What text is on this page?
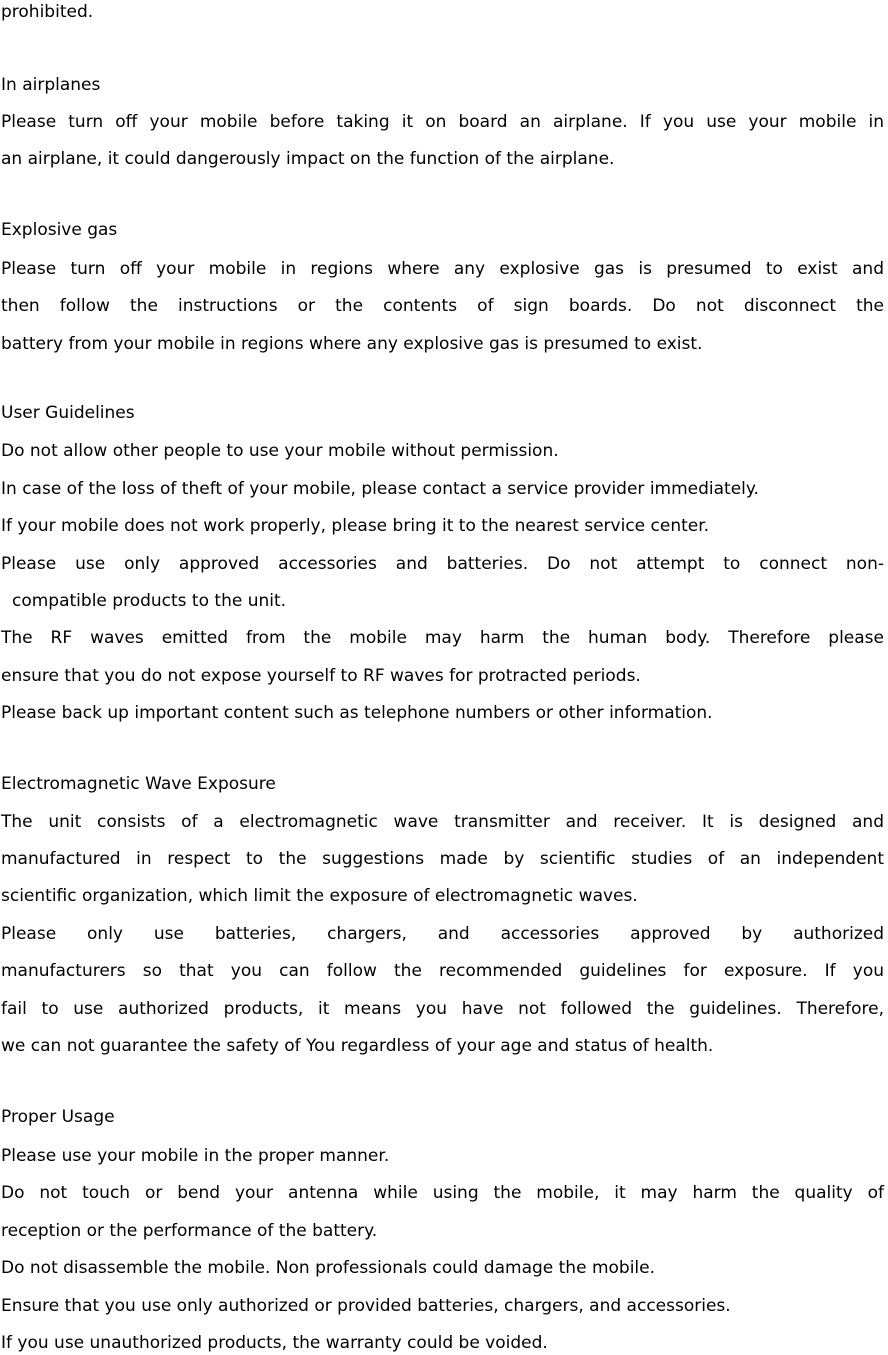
prohibited.
In airplanes
Please turn off your mobile before taking it on board an airplane. If you use your mobile in
an airplane, it could dangerously impact on the function of the airplane.
Explosive gas
Please turn off your mobile in regions where any explosive gas is presumed to exist and
then follow the instructions or the contents of sign boards. Do not disconnect the
battery from your mobile in regions where any explosive gas is presumed to exist.
User Guidelines
Do not allow other people to use your mobile without permission.
In case of the loss of theft of your mobile, please contact a service provider immediately.
If your mobile does not work properly, please bring it to the nearest service center.
Please use only approved accessories and batteries. Do not attempt to connect non-
compatible products to the unit.
The RF waves emitted from the mobile may harm the human body. Therefore please
ensure that you do not expose yourself to RF waves for protracted periods.
Please back up important content such as telephone numbers or other information.
Electromagnetic Wave Exposure
The unit consists of a electromagnetic wave transmitter and receiver. It is designed and
manufactured in respect to the suggestions made by scientific studies of an independent
scientific organization, which limit the exposure of electromagnetic waves.
Please only use batteries, chargers, and accessories approved by authorized
manufacturers so that you can follow the recommended guidelines for exposure. If you
fail to use authorized products, it means you have not followed the guidelines. Therefore,
we can not guarantee the safety of You regardless of your age and status of health.
Proper Usage
Please use your mobile in the proper manner.
Do not touch or bend your antenna while using the mobile, it may harm the quality of
reception or the performance of the battery.
Do not disassemble the mobile. Non professionals could damage the mobile.
Ensure that you use only authorized or provided batteries, chargers, and accessories.
If you use unauthorized products, the warranty could be voided.
